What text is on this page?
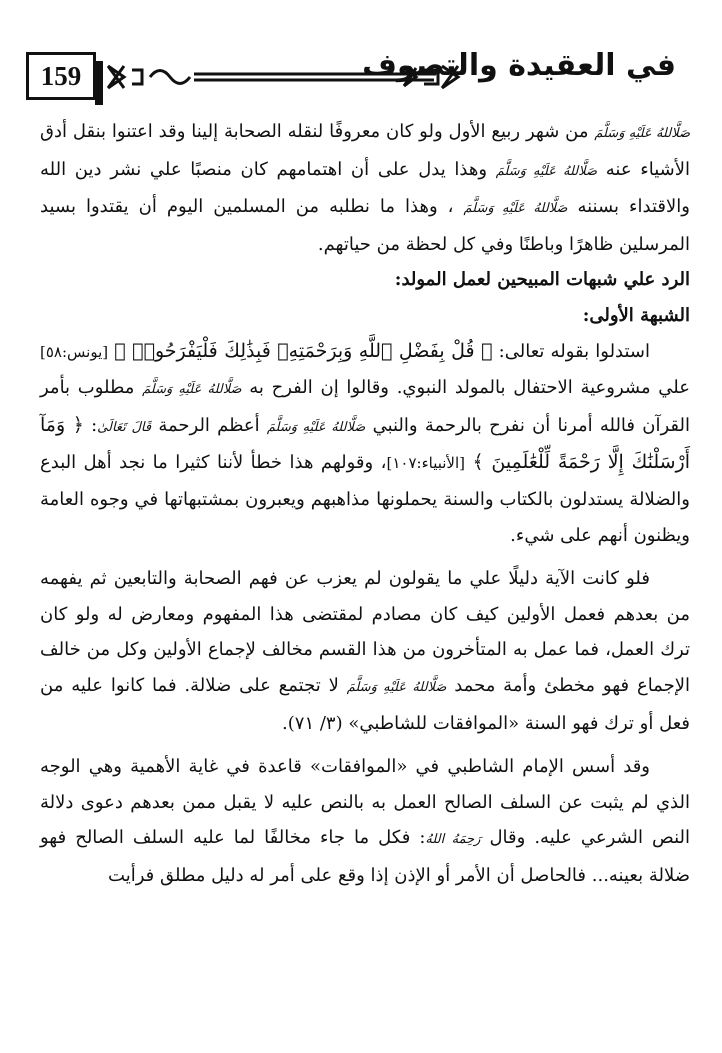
159	في العقيدة والتصوف

صَلَّاللهُ عَلَيْهِ وَسَلَّمَ من شهر ربيع الأول ولو كان معروفًا لنقله الصحابة إلينا وقد اعتنوا بنقل أدق الأشياء عنه صَلَّاللهُ عَلَيْهِ وَسَلَّمَ وهذا يدل على أن اهتمامهم كان منصبًا علي نشر دين الله والاقتداء بسننه صَلَّاللهُ عَلَيْهِ وَسَلَّمَ ، وهذا ما نطلبه من المسلمين اليوم أن يقتدوا بسيد المرسلين ظاهرًا وباطنًا وفي كل لحظة من حياتهم.

الرد علي شبهات المبيحين لعمل المولد:

الشبهة الأولى:

استدلوا بقوله تعالى: ﴿ قُلْ بِفَضْلِ ٱللَّهِ وَبِرَحْمَتِهِۦ فَبِذَٰلِكَ فَلْيَفْرَحُوا۟ ﴾ [يونس:٥٨] علي مشروعية الاحتفال بالمولد النبوي. وقالوا إن الفرح به صَلَّاللهُ عَلَيْهِ وَسَلَّمَ مطلوب بأمر القرآن فالله أمرنا أن نفرح بالرحمة والنبي صَلَّاللهُ عَلَيْهِ وَسَلَّمَ أعظم الرحمة قَالَ تَعَالَىٰ: ﴿ وَمَآ أَرْسَلْنَٰكَ إِلَّا رَحْمَةً لِّلْعَٰلَمِينَ ﴾ [الأنبياء:١٠٧]، وقولهم هذا خطأ لأننا كثيرا ما نجد أهل البدع والضلالة يستدلون بالكتاب والسنة يحملونها مذاهبهم ويعبرون بمشتبهاتها في وجوه العامة ويظنون أنهم على شيء.

فلو كانت الآية دليلًا علي ما يقولون لم يعزب عن فهم الصحابة والتابعين ثم يفهمه من بعدهم فعمل الأولين كيف كان مصادم لمقتضى هذا المفهوم ومعارض له ولو كان ترك العمل، فما عمل به المتأخرون من هذا القسم مخالف لإجماع الأولين وكل من خالف الإجماع فهو مخطئ وأمة محمد صَلَّاللهُ عَلَيْهِ وَسَلَّمَ لا تجتمع على ضلالة. فما كانوا عليه من فعل أو ترك فهو السنة «الموافقات للشاطبي» (٣/ ٧١).

وقد أسس الإمام الشاطبي في «الموافقات» قاعدة في غاية الأهمية وهي الوجه الذي لم يثبت عن السلف الصالح العمل به بالنص عليه لا يقبل ممن بعدهم دعوى دلالة النص الشرعي عليه. وقال رَحِمَهُ اللهُ: فكل ما جاء مخالفًا لما عليه السلف الصالح فهو ضلالة بعينه... فالحاصل أن الأمر أو الإذن إذا وقع على أمر له دليل مطلق فرأيت
